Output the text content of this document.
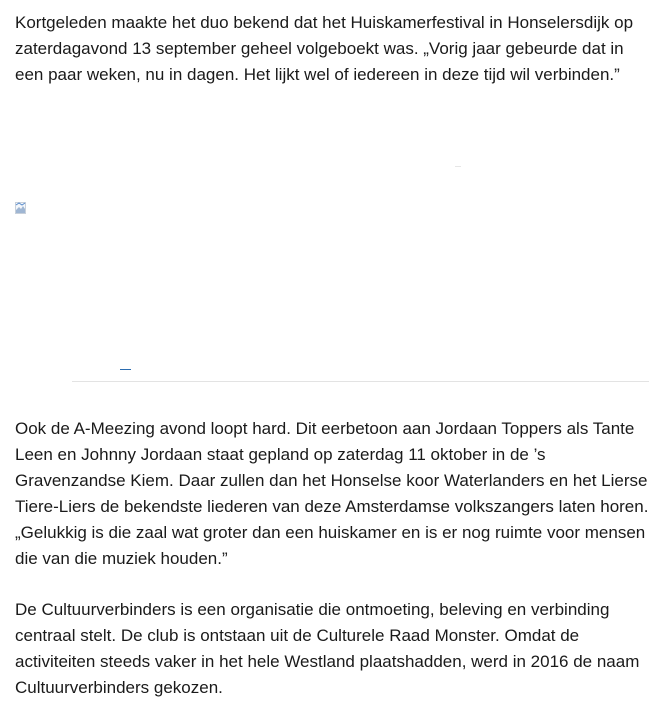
Kortgeleden maakte het duo bekend dat het Huiskamerfestival in Honselersdijk op zaterdagavond 13 september geheel volgeboekt was. „Vorig jaar gebeurde dat in een paar weken, nu in dagen. Het lijkt wel of iedereen in deze tijd wil verbinden.”

Ook de A-Meezing avond loopt hard. Dit eerbetoon aan Jordaan Toppers als Tante Leen en Johnny Jordaan staat gepland op zaterdag 11 oktober in de ’s Gravenzandse Kiem. Daar zullen dan het Honselse koor Waterlanders en het Lierse Tiere-Liers de bekendste liederen van deze Amsterdamse volkszangers laten horen. „Gelukkig is die zaal wat groter dan een huiskamer en is er nog ruimte voor mensen die van die muziek houden.”

De Cultuurverbinders is een organisatie die ontmoeting, beleving en verbinding centraal stelt. De club is ontstaan uit de Culturele Raad Monster. Omdat de activiteiten steeds vaker in het hele Westland plaatshadden, werd in 2016 de naam Cultuurverbinders gekozen.
